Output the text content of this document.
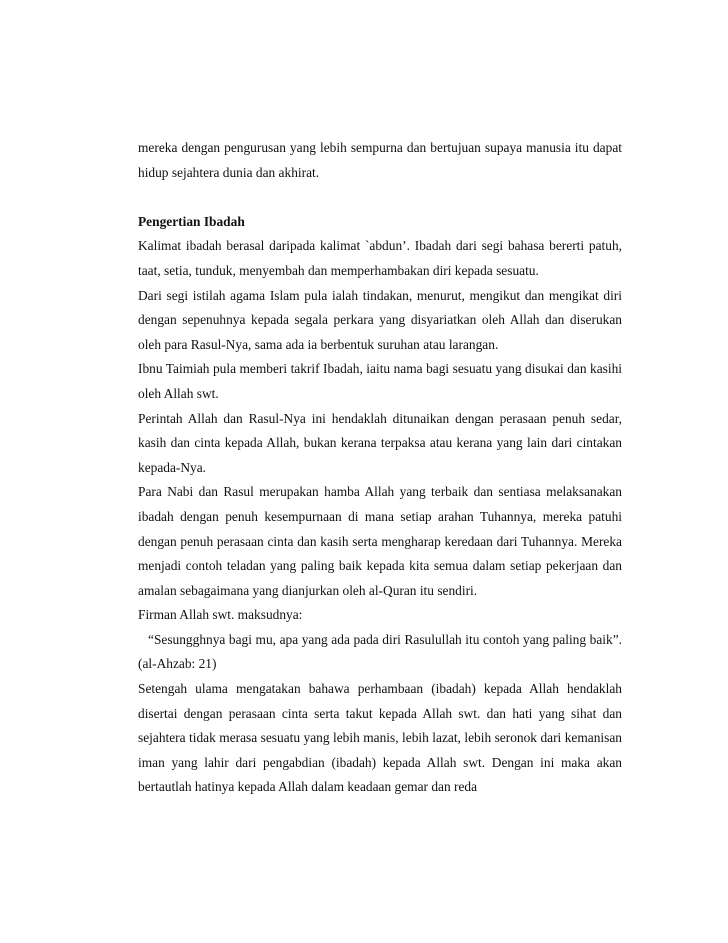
mereka dengan pengurusan yang lebih sempurna dan bertujuan supaya manusia itu dapat hidup sejahtera dunia dan akhirat.

Pengertian Ibadah

Kalimat ibadah berasal daripada kalimat `abdun’. Ibadah dari segi bahasa bererti patuh, taat, setia, tunduk, menyembah dan memperhambakan diri kepada sesuatu.

Dari segi istilah agama Islam pula ialah tindakan, menurut, mengikut dan mengikat diri dengan sepenuhnya kepada segala perkara yang disyariatkan oleh Allah dan diserukan oleh para Rasul-Nya, sama ada ia berbentuk suruhan atau larangan.

Ibnu Taimiah pula memberi takrif Ibadah, iaitu nama bagi sesuatu yang disukai dan kasihi oleh Allah swt.

Perintah Allah dan Rasul-Nya ini hendaklah ditunaikan dengan perasaan penuh sedar, kasih dan cinta kepada Allah, bukan kerana terpaksa atau kerana yang lain dari cintakan kepada-Nya.

Para Nabi dan Rasul merupakan hamba Allah yang terbaik dan sentiasa melaksanakan ibadah dengan penuh kesempurnaan di mana setiap arahan Tuhannya, mereka patuhi dengan penuh perasaan cinta dan kasih serta mengharap keredaan dari Tuhannya. Mereka menjadi contoh teladan yang paling baik kepada kita semua dalam setiap pekerjaan dan amalan sebagaimana yang dianjurkan oleh al-Quran itu sendiri.

Firman Allah swt. maksudnya:

“Sesungghnya bagi mu, apa yang ada pada diri Rasulullah itu contoh yang paling baik”. (al-Ahzab: 21)

Setengah ulama mengatakan bahawa perhambaan (ibadah) kepada Allah hendaklah disertai dengan perasaan cinta serta takut kepada Allah swt. dan hati yang sihat dan sejahtera tidak merasa sesuatu yang lebih manis, lebih lazat, lebih seronok dari kemanisan iman yang lahir dari pengabdian (ibadah) kepada Allah swt. Dengan ini maka akan bertautlah hatinya kepada Allah dalam keadaan gemar dan reda
